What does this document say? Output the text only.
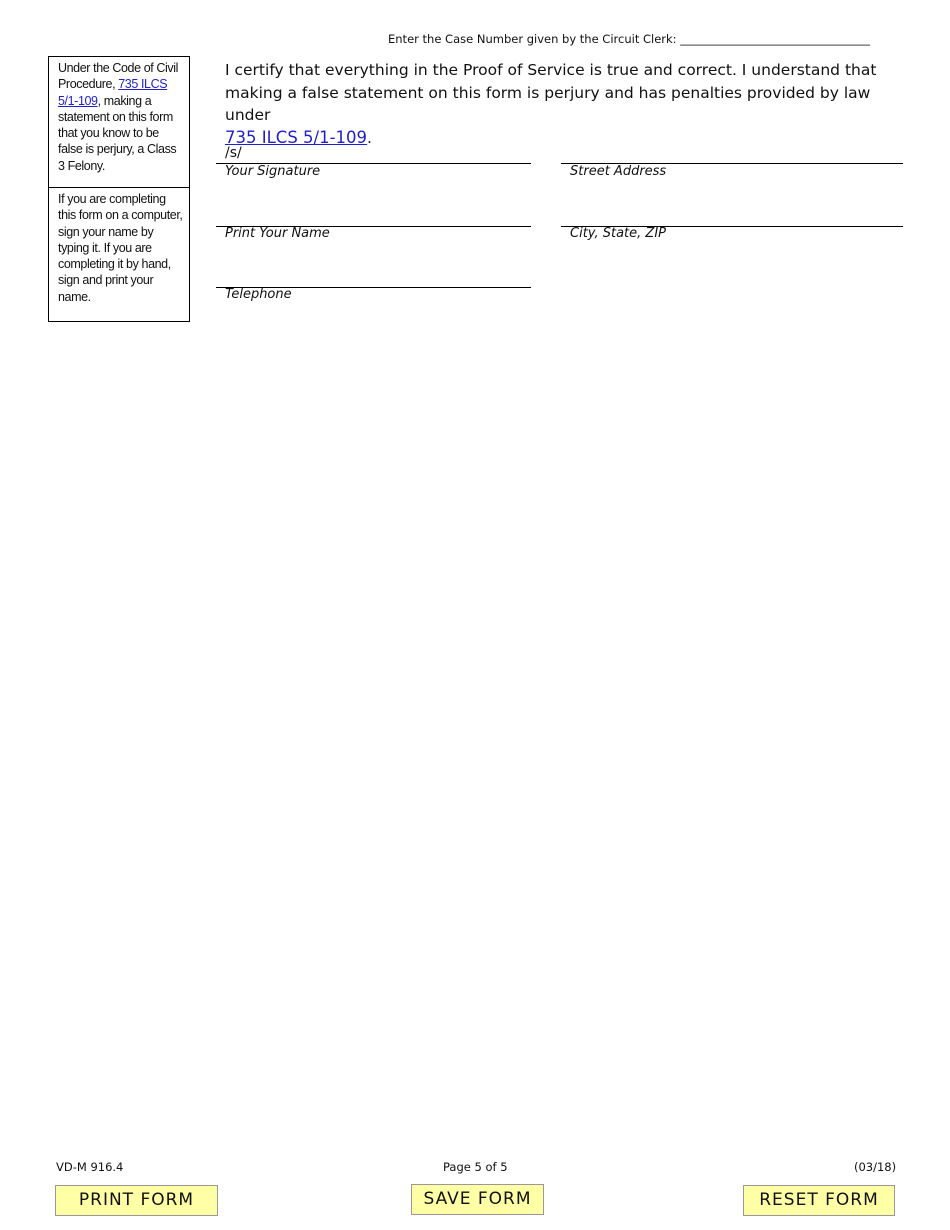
Enter the Case Number given by the Circuit Clerk: _________________________________
Under the Code of Civil Procedure, 735 ILCS 5/1-109, making a statement on this form that you know to be false is perjury, a Class 3 Felony.
If you are completing this form on a computer, sign your name by typing it. If you are completing it by hand, sign and print your name.
I certify that everything in the Proof of Service is true and correct. I understand that making a false statement on this form is perjury and has penalties provided by law under
735 ILCS 5/1-109.
/s/
Your Signature
Print Your Name
Telephone
Street Address
City, State, ZIP
VD-M 916.4	Page 5 of 5	(03/18)
PRINT FORM	SAVE FORM	RESET FORM
